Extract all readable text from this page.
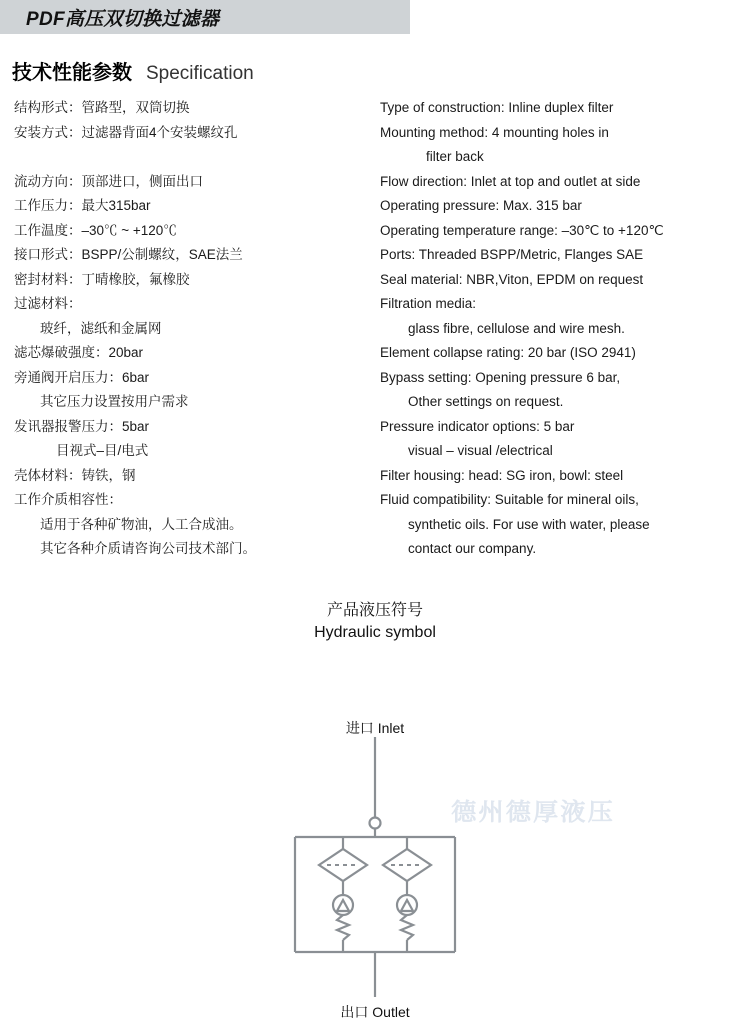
PDF高压双切换过滤器
技术性能参数 Specification
结构形式：管路型，双筒切换	Type of construction: Inline duplex filter
安装方式：过滤器背面4个安装螺纹孔	Mounting method: 4 mounting holes in
filter back
流动方向：顶部进口，侧面出口	Flow direction: Inlet at top and outlet at side
工作压力：最大315bar	Operating pressure: Max. 315 bar
工作温度：–30℃ ~ +120℃	Operating temperature range: –30℃ to +120℃
接口形式：BSPP/公制螺纹，SAE法兰	Ports: Threaded BSPP/Metric, Flanges SAE
密封材料：丁晴橡胶，氟橡胶	Seal material: NBR,Viton, EPDM on request
过滤材料：	Filtration media:
玻纤，滤纸和金属网	glass fibre, cellulose and wire mesh.
滤芯爆破强度：20bar	Element collapse rating: 20 bar (ISO 2941)
旁通阀开启压力：6bar	Bypass setting: Opening pressure 6 bar,
其它压力设置按用户需求	Other settings on request.
发讯器报警压力：5bar	Pressure indicator options: 5 bar
目视式–目/电式	visual – visual /electrical
壳体材料：铸铁，钢	Filter housing: head: SG iron, bowl: steel
工作介质相容性：	Fluid compatibility: Suitable for mineral oils,
适用于各种矿物油，人工合成油。	synthetic oils. For use with water, please
其它各种介质请咨询公司技术部门。	contact our company.
产品液压符号
Hydraulic symbol
进口 Inlet
德州德厚液压
出口 Outlet
